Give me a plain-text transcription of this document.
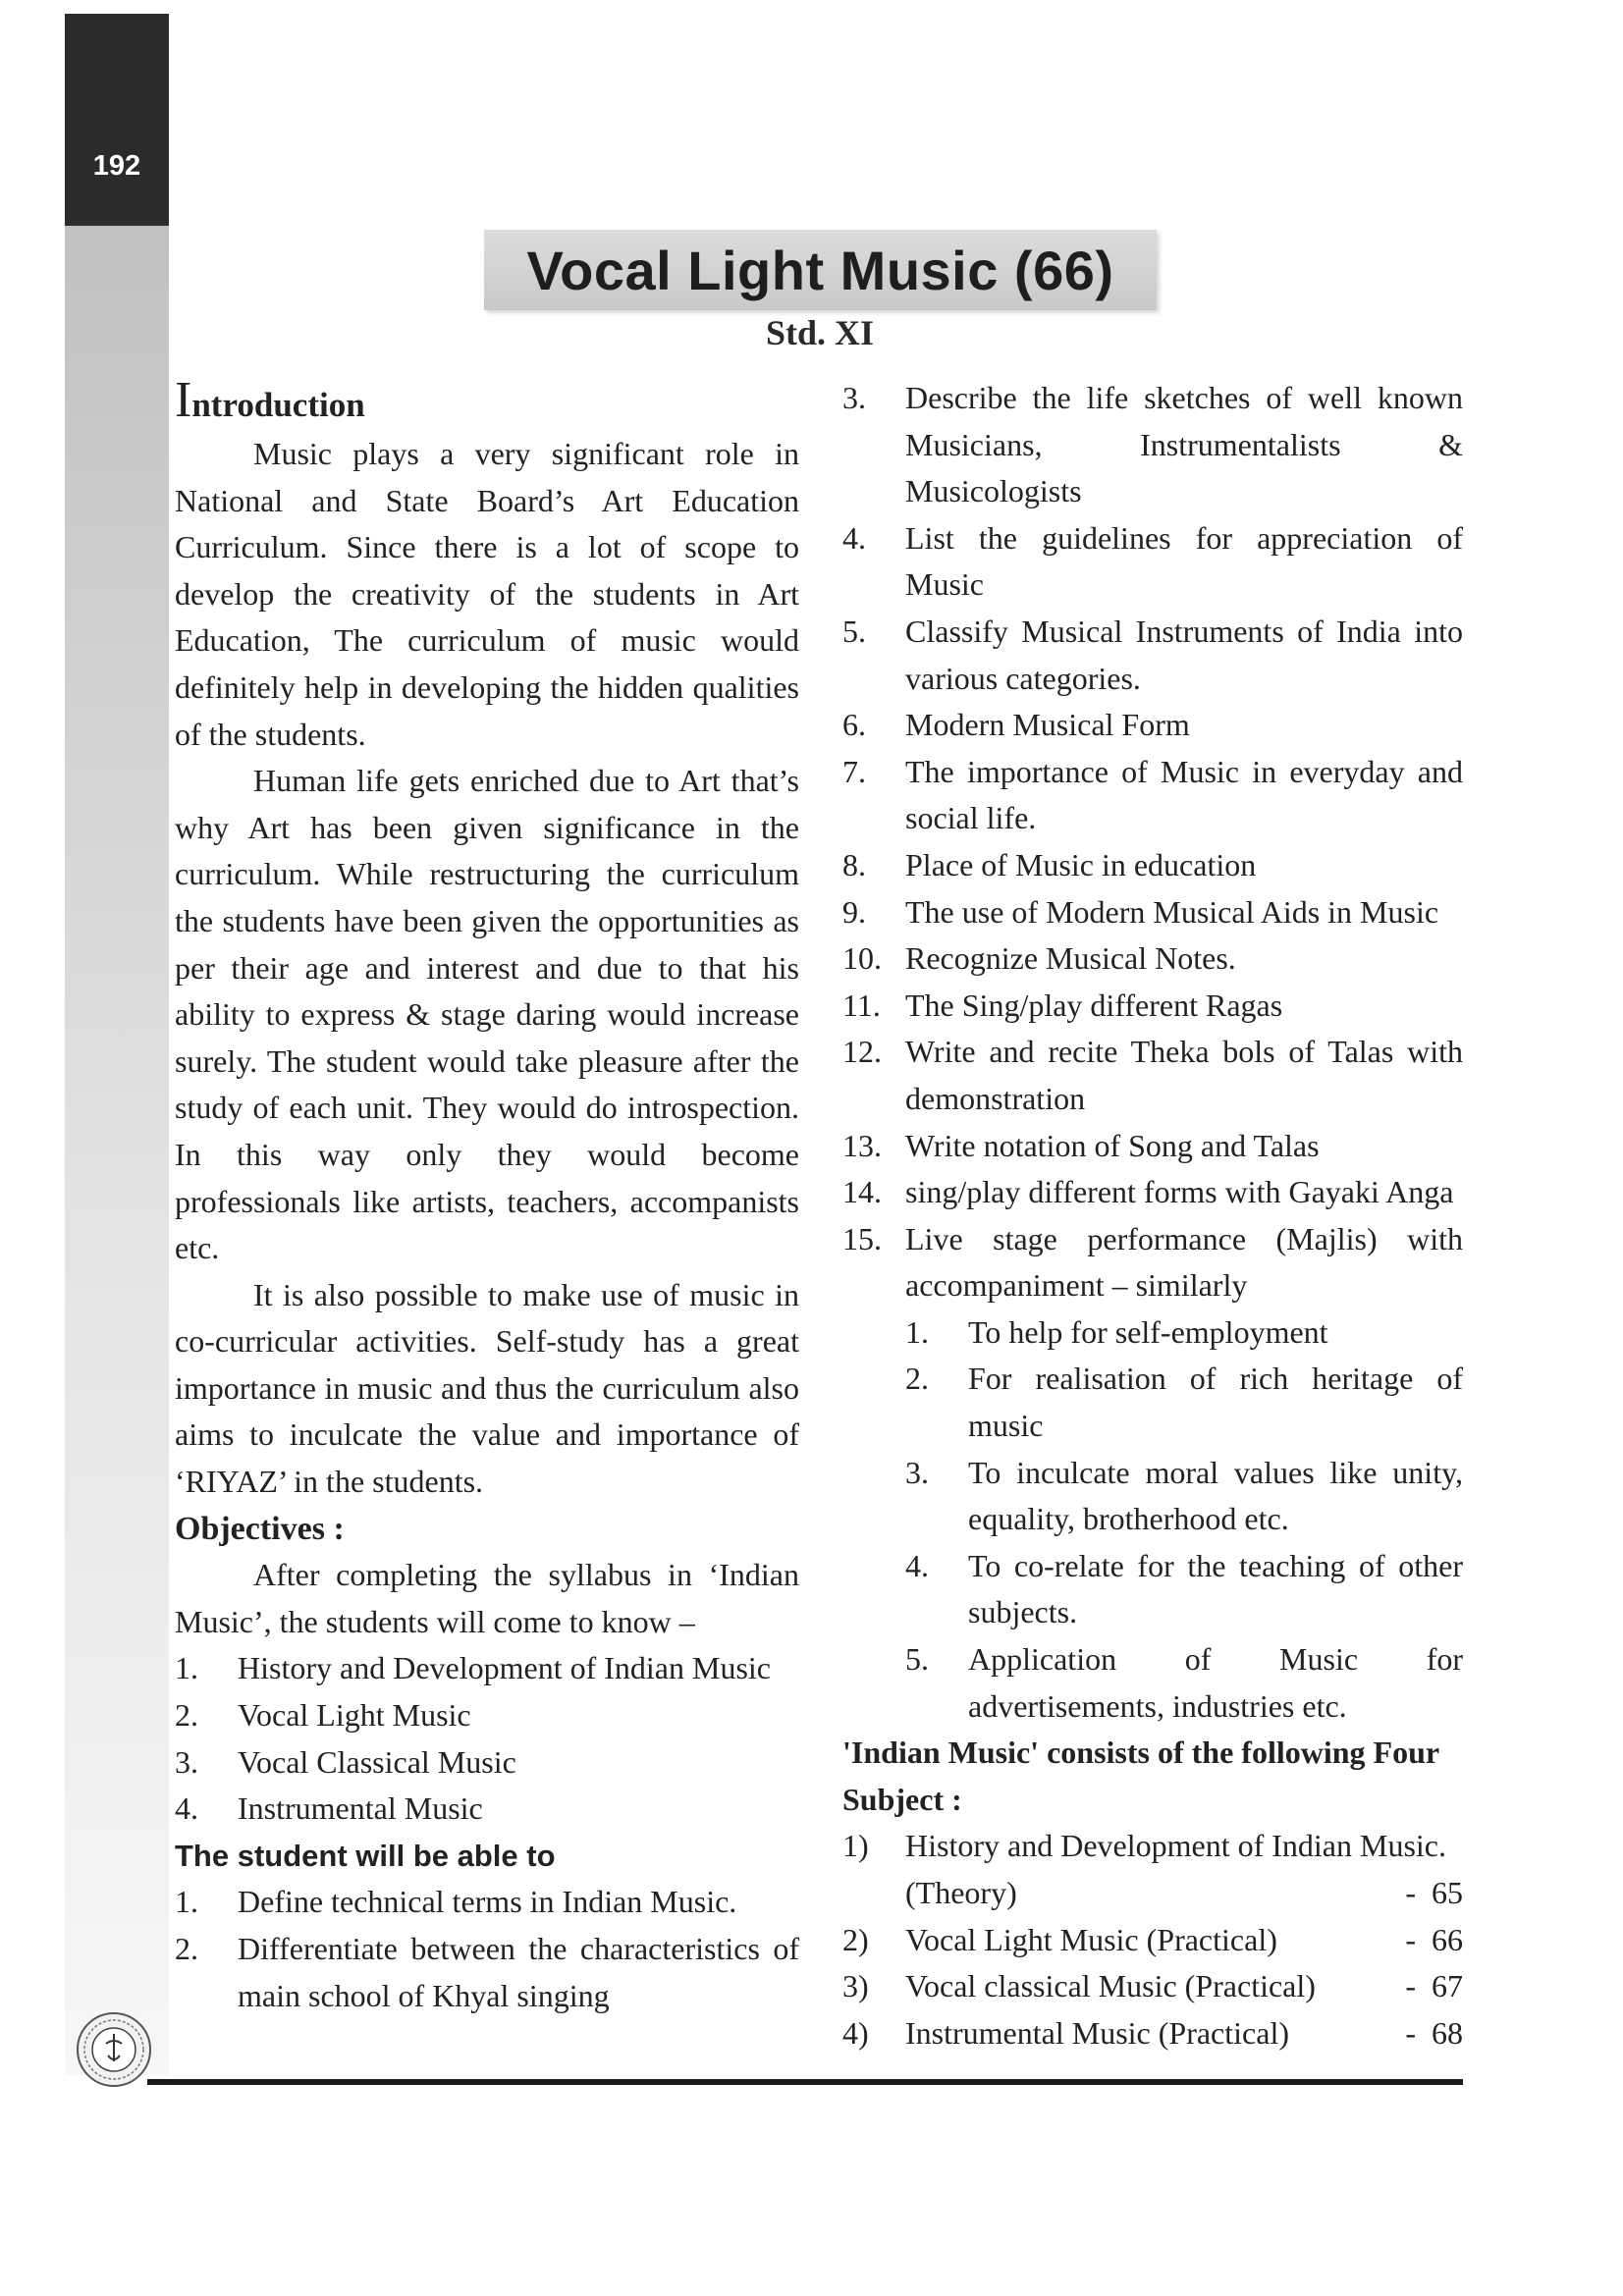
192
Vocal Light Music (66)
Std. XI

Introduction

Music plays a very significant role in National and State Board’s Art Education Curriculum. Since there is a lot of scope to develop the creativity of the students in Art Education, The curriculum of music would definitely help in developing the hidden qualities of the students.

Human life gets enriched due to Art that’s why Art has been given significance in the curriculum. While restructuring the curriculum the students have been given the opportunities as per their age and interest and due to that his ability to express & stage daring would increase surely. The student would take pleasure after the study of each unit. They would do introspection. In this way only they would become professionals like artists, teachers, accompanists etc.

It is also possible to make use of music in co-curricular activities. Self-study has a great importance in music and thus the curriculum also aims to inculcate the value and importance of ‘RIYAZ’ in the students.

Objectives :

After completing the syllabus in ‘Indian Music’, the students will come to know –

1.	History and Development of Indian Music
2.	Vocal Light Music
3.	Vocal Classical Music
4.	Instrumental Music

The student will be able to

1.	Define technical terms in Indian Music.
2.	Differentiate between the characteristics of main school of Khyal singing
3.	Describe the life sketches of well known Musicians, Instrumentalists & Musicologists
4.	List the guidelines for appreciation of Music
5.	Classify Musical Instruments of India into various categories.
6.	Modern Musical Form
7.	The importance of Music in everyday and social life.
8.	Place of Music in education
9.	The use of Modern Musical Aids in Music
10. Recognize Musical Notes.
11. The Sing/play different Ragas
12. Write and recite Theka bols of Talas with demonstration
13. Write notation of Song and Talas
14. sing/play different forms with Gayaki Anga
15. Live stage performance (Majlis) with accompaniment – similarly
1.	To help for self-employment
2.	For realisation of rich heritage of music
3.	To inculcate moral values like unity, equality, brotherhood etc.
4.	To co-relate for the teaching of other subjects.
5.	Application of Music for advertisements, industries etc.

'Indian Music' consists of the following Four Subject :

1)	History and Development of Indian Music.
(Theory)	-  65
2)	Vocal Light Music (Practical)	-  66
3)	Vocal classical Music (Practical)	-  67
4)	Instrumental Music (Practical)	-  68
